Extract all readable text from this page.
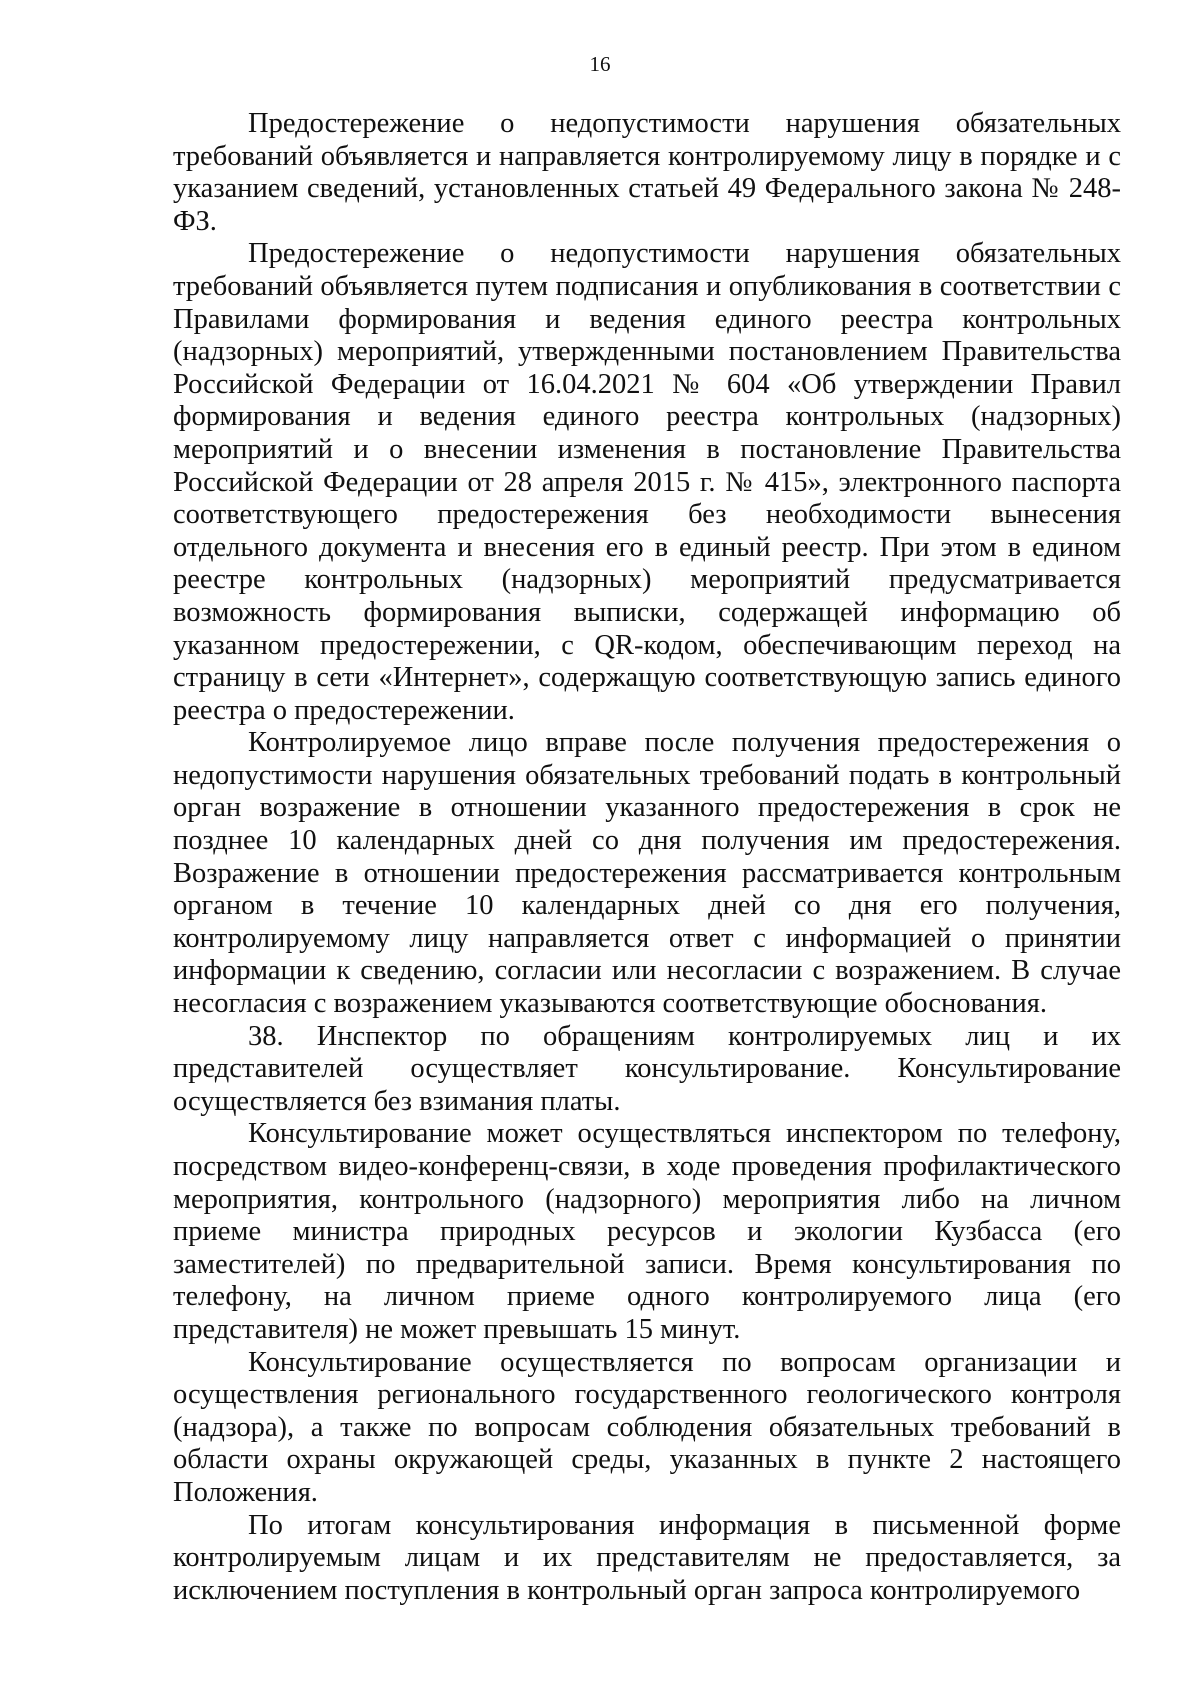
16

Предостережение о недопустимости нарушения обязательных требований объявляется и направляется контролируемому лицу в порядке и с указанием сведений, установленных статьей 49 Федерального закона № 248-ФЗ.

Предостережение о недопустимости нарушения обязательных требований объявляется путем подписания и опубликования в соответствии с Правилами формирования и ведения единого реестра контрольных (надзорных) мероприятий, утвержденными постановлением Правительства Российской Федерации от 16.04.2021 № 604 «Об утверждении Правил формирования и ведения единого реестра контрольных (надзорных) мероприятий и о внесении изменения в постановление Правительства Российской Федерации от 28 апреля 2015 г. № 415», электронного паспорта соответствующего предостережения без необходимости вынесения отдельного документа и внесения его в единый реестр. При этом в едином реестре контрольных (надзорных) мероприятий предусматривается возможность формирования выписки, содержащей информацию об указанном предостережении, с QR-кодом, обеспечивающим переход на страницу в сети «Интернет», содержащую соответствующую запись единого реестра о предостережении.

Контролируемое лицо вправе после получения предостережения о недопустимости нарушения обязательных требований подать в контрольный орган возражение в отношении указанного предостережения в срок не позднее 10 календарных дней со дня получения им предостережения. Возражение в отношении предостережения рассматривается контрольным органом в течение 10 календарных дней со дня его получения, контролируемому лицу направляется ответ с информацией о принятии информации к сведению, согласии или несогласии с возражением. В случае несогласия с возражением указываются соответствующие обоснования.

38. Инспектор по обращениям контролируемых лиц и их представителей осуществляет консультирование. Консультирование осуществляется без взимания платы.

Консультирование может осуществляться инспектором по телефону, посредством видео-конференц-связи, в ходе проведения профилактического мероприятия, контрольного (надзорного) мероприятия либо на личном приеме министра природных ресурсов и экологии Кузбасса (его заместителей) по предварительной записи. Время консультирования по телефону, на личном приеме одного контролируемого лица (его представителя) не может превышать 15 минут.

Консультирование осуществляется по вопросам организации и осуществления регионального государственного геологического контроля (надзора), а также по вопросам соблюдения обязательных требований в области охраны окружающей среды, указанных в пункте 2 настоящего Положения.

По итогам консультирования информация в письменной форме контролируемым лицам и их представителям не предоставляется, за исключением поступления в контрольный орган запроса контролируемого
